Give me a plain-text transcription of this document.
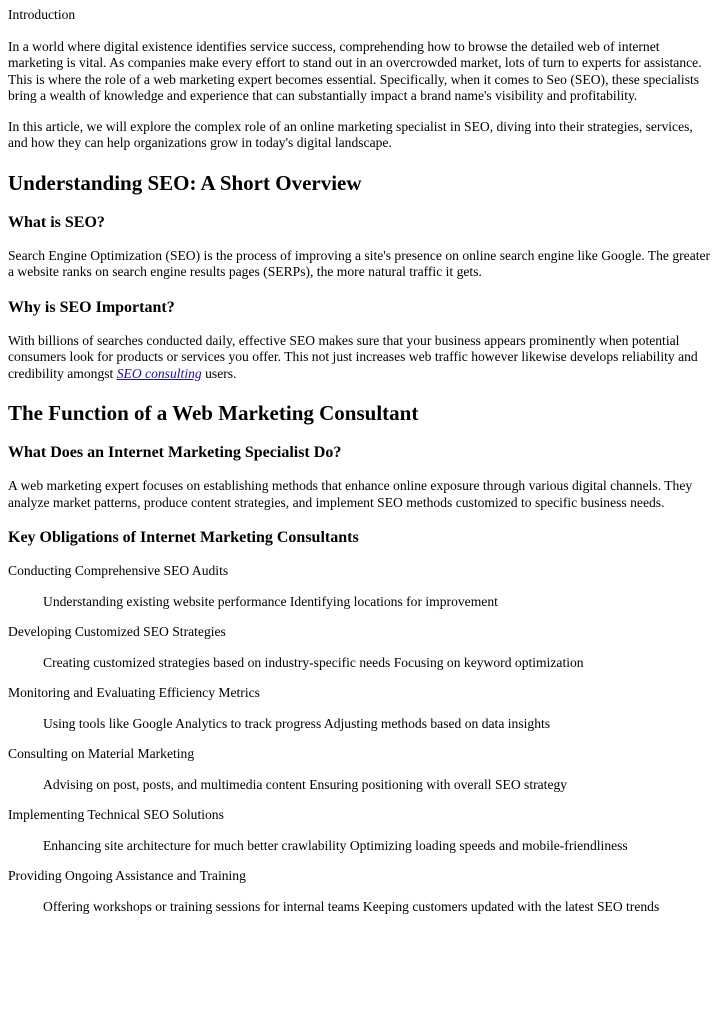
Introduction

In a world where digital existence identifies service success, comprehending how to browse the detailed web of internet marketing is vital. As companies make every effort to stand out in an overcrowded market, lots of turn to experts for assistance. This is where the role of a web marketing expert becomes essential. Specifically, when it comes to Seo (SEO), these specialists bring a wealth of knowledge and experience that can substantially impact a brand name's visibility and profitability.

In this article, we will explore the complex role of an online marketing specialist in SEO, diving into their strategies, services, and how they can help organizations grow in today's digital landscape.

Understanding SEO: A Short Overview
What is SEO?

Search Engine Optimization (SEO) is the process of improving a site's presence on online search engine like Google. The greater a website ranks on search engine results pages (SERPs), the more natural traffic it gets.

Why is SEO Important?

With billions of searches conducted daily, effective SEO makes sure that your business appears prominently when potential consumers look for products or services you offer. This not just increases web traffic however likewise develops reliability and credibility amongst SEO consulting users.

The Function of a Web Marketing Consultant
What Does an Internet Marketing Specialist Do?

A web marketing expert focuses on establishing methods that enhance online exposure through various digital channels. They analyze market patterns, produce content strategies, and implement SEO methods customized to specific business needs.

Key Obligations of Internet Marketing Consultants

Conducting Comprehensive SEO Audits

Understanding existing website performance Identifying locations for improvement

Developing Customized SEO Strategies

Creating customized strategies based on industry-specific needs Focusing on keyword optimization

Monitoring and Evaluating Efficiency Metrics

Using tools like Google Analytics to track progress Adjusting methods based on data insights

Consulting on Material Marketing

Advising on post, posts, and multimedia content Ensuring positioning with overall SEO strategy

Implementing Technical SEO Solutions

Enhancing site architecture for much better crawlability Optimizing loading speeds and mobile-friendliness

Providing Ongoing Assistance and Training

Offering workshops or training sessions for internal teams Keeping customers updated with the latest SEO trends
